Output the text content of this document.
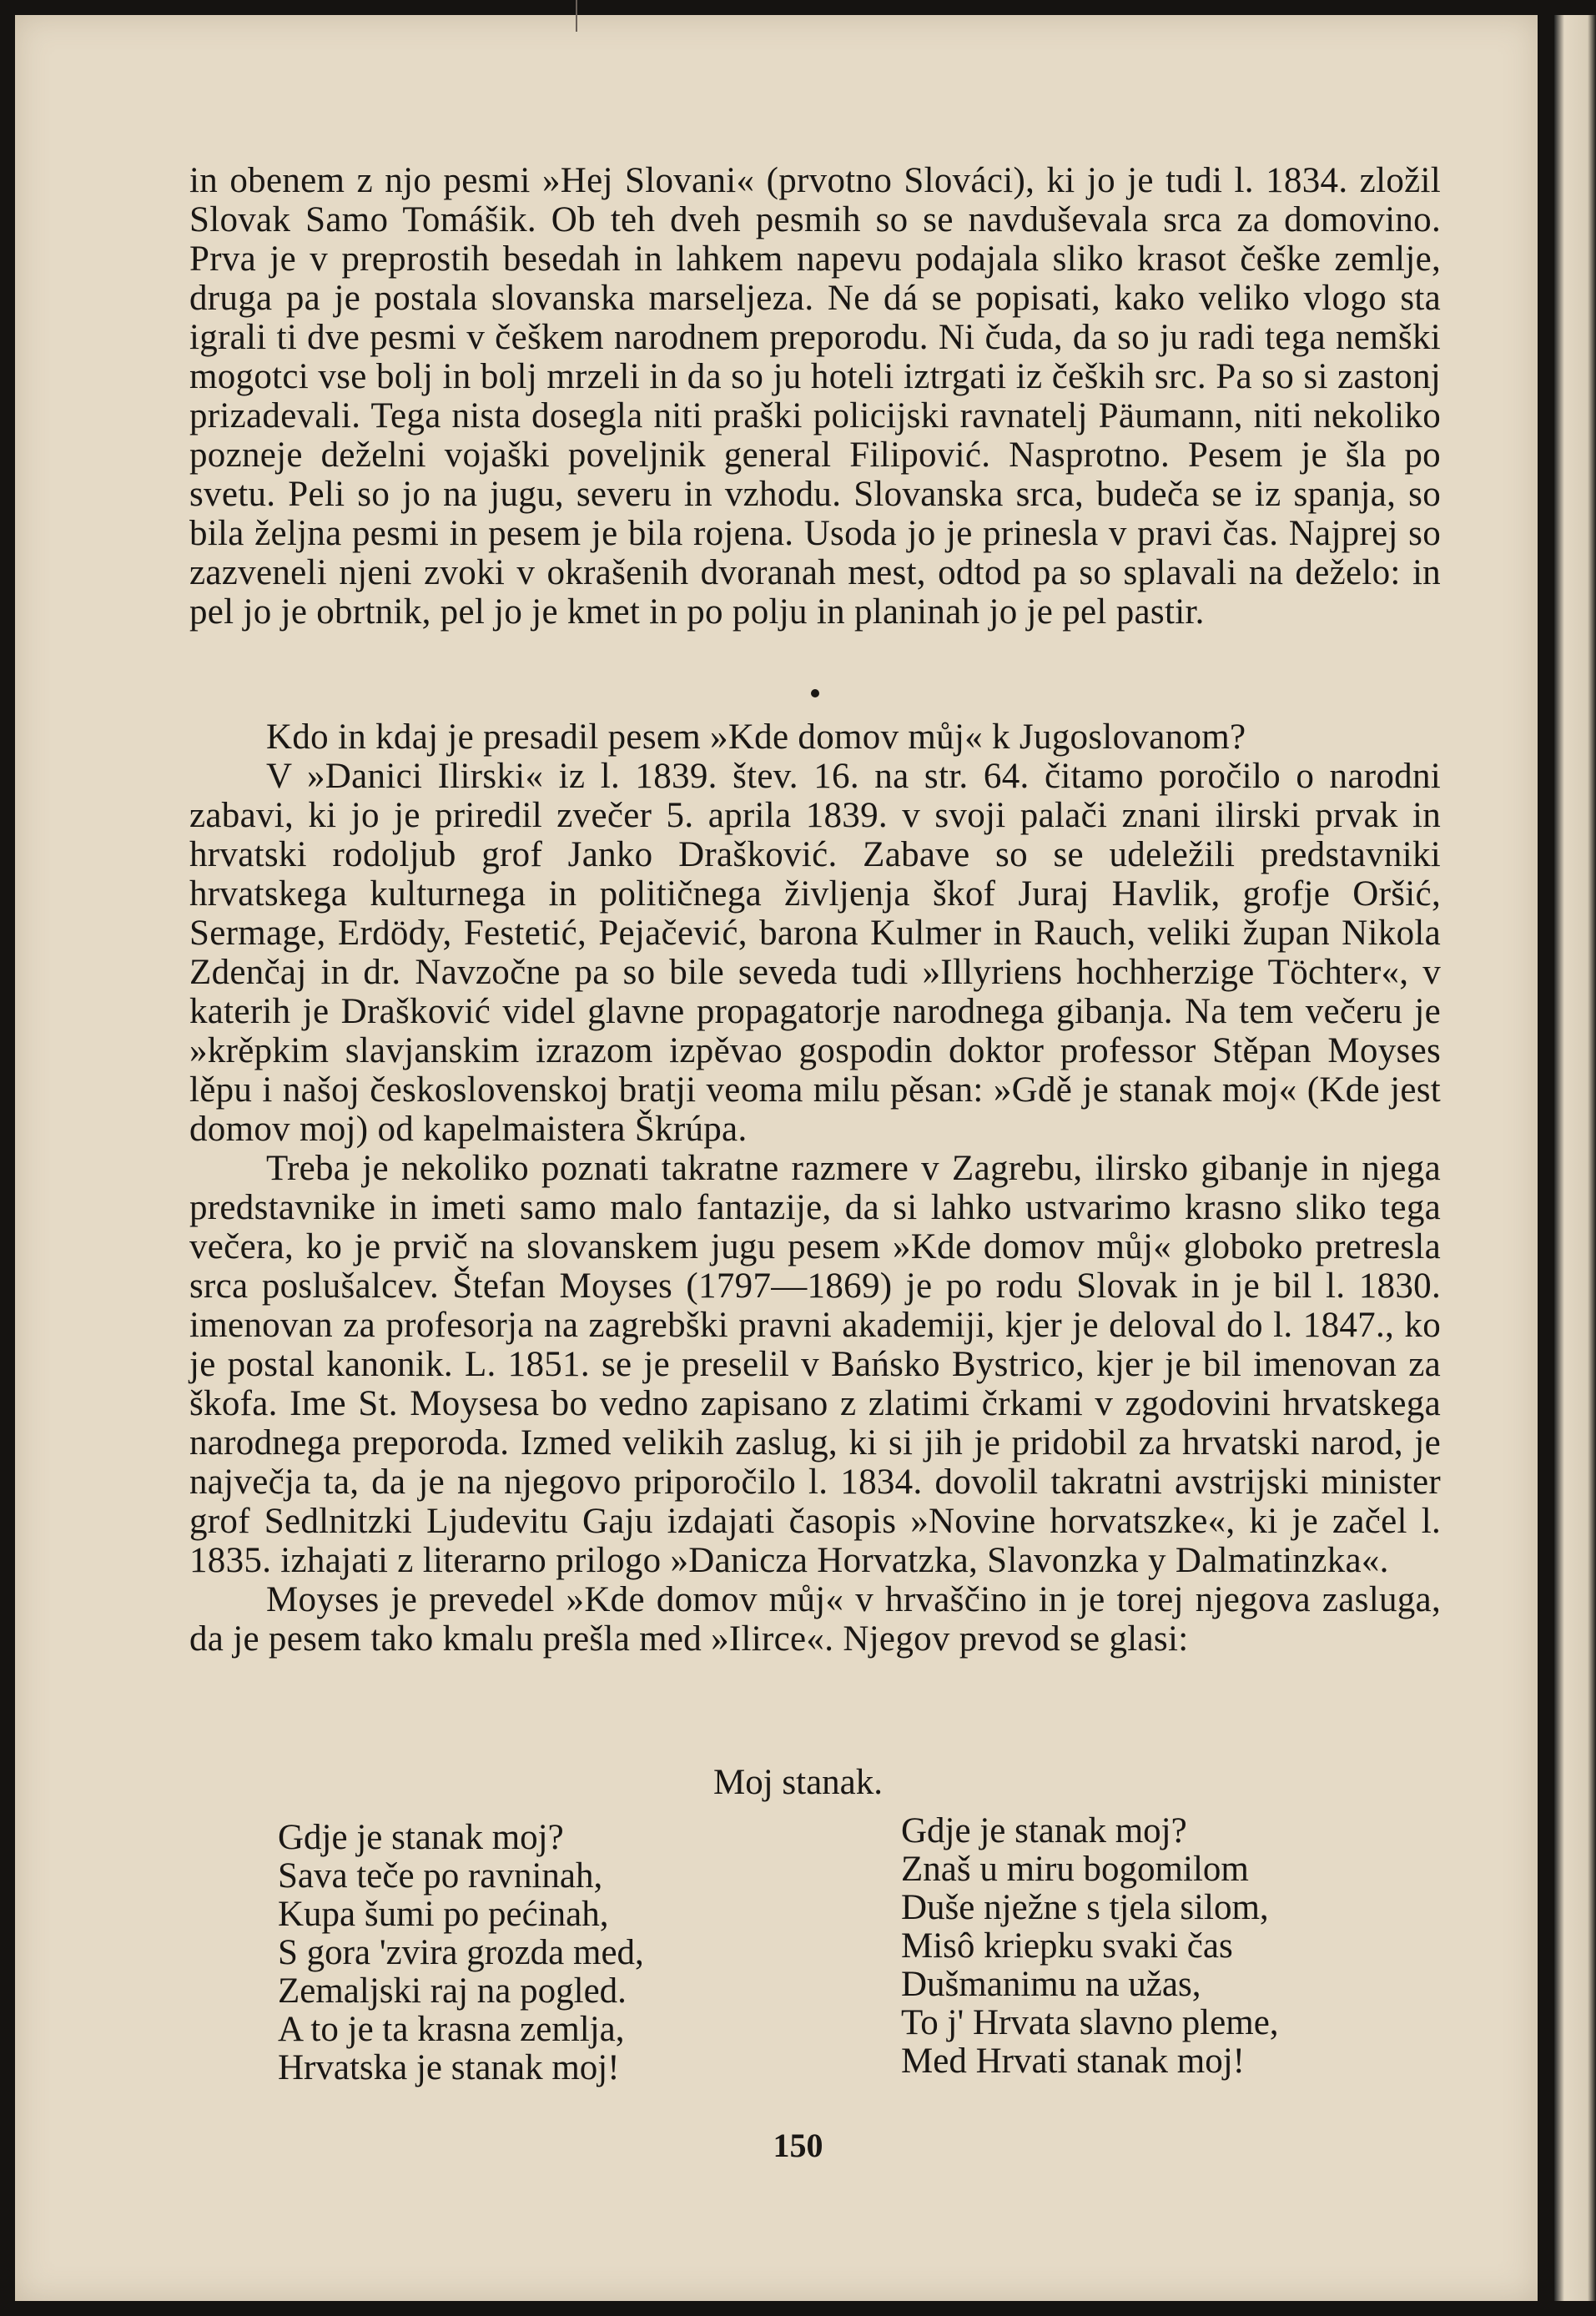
in obenem z njo pesmi »Hej Slovani« (prvotno Slováci), ki jo je tudi l. 1834. zložil Slovak Samo Tomášik. Ob teh dveh pesmih so se navduševala srca za domovino. Prva je v preprostih besedah in lahkem napevu podajala sliko krasot češke zemlje, druga pa je postala slovanska marseljeza. Ne dá se popisati, kako veliko vlogo sta igrali ti dve pesmi v češkem narodnem preporodu. Ni čuda, da so ju radi tega nemški mogotci vse bolj in bolj mrzeli in da so ju hoteli iztrgati iz čeških src. Pa so si zastonj prizadevali. Tega nista dosegla niti praški policijski ravnatelj Päumann, niti nekoliko pozneje deželni vojaški poveljnik general Filipović. Nasprotno. Pesem je šla po svetu. Peli so jo na jugu, severu in vzhodu. Slovanska srca, budeča se iz spanja, so bila željna pesmi in pesem je bila rojena. Usoda jo je prinesla v pravi čas. Najprej so zazveneli njeni zvoki v okrašenih dvoranah mest, odtod pa so splavali na deželo: in pel jo je obrtnik, pel jo je kmet in po polju in planinah jo je pel pastir.

Kdo in kdaj je presadil pesem »Kde domov můj« k Jugoslovanom?

V »Danici Ilirski« iz l. 1839. štev. 16. na str. 64. čitamo poročilo o narodni zabavi, ki jo je priredil zvečer 5. aprila 1839. v svoji palači znani ilirski prvak in hrvatski rodoljub grof Janko Drašković. Zabave so se udeležili predstavniki hrvatskega kulturnega in političnega življenja škof Juraj Havlik, grofje Oršić, Sermage, Erdödy, Festetić, Pejačević, barona Kulmer in Rauch, veliki župan Nikola Zdenčaj in dr. Navzočne pa so bile seveda tudi »Illyriens hochherzige Töchter«, v katerih je Drašković videl glavne propagatorje narodnega gibanja. Na tem večeru je »krěpkim slavjanskim izrazom izpěvao gospodin doktor professor Stěpan Moyses lěpu i našoj československoj bratji veoma milu pěsan: »Gdě je stanak moj« (Kde jest domov moj) od kapelmaistera Škrúpa.

Treba je nekoliko poznati takratne razmere v Zagrebu, ilirsko gibanje in njega predstavnike in imeti samo malo fantazije, da si lahko ustvarimo krasno sliko tega večera, ko je prvič na slovanskem jugu pesem »Kde domov můj« globoko pretresla srca poslušalcev. Štefan Moyses (1797—1869) je po rodu Slovak in je bil l. 1830. imenovan za profesorja na zagrebški pravni akademiji, kjer je deloval do l. 1847., ko je postal kanonik. L. 1851. se je preselil v Bańsko Bystrico, kjer je bil imenovan za škofa. Ime St. Moysesa bo vedno zapisano z zlatimi črkami v zgodovini hrvatskega narodnega preporoda. Izmed velikih zaslug, ki si jih je pridobil za hrvatski narod, je največja ta, da je na njegovo priporočilo l. 1834. dovolil takratni avstrijski minister grof Sedlnitzki Ljudevitu Gaju izdajati časopis »Novine horvatszke«, ki je začel l. 1835. izhajati z literarno prilogo »Danicza Horvatzka, Slavonzka y Dalmatinzka«.

Moyses je prevedel »Kde domov můj« v hrvaščino in je torej njegova zasluga, da je pesem tako kmalu prešla med »Ilirce«. Njegov prevod se glasi:

Moj stanak.
Gdje je stanak moj?
Sava teče po ravninah,
Kupa šumi po pećinah,
S gora 'zvira grozda med,
Zemaljski raj na pogled.
A to je ta krasna zemlja,
Hrvatska je stanak moj!
Gdje je stanak moj?
Znaš u miru bogomilom
Duše nježne s tjela silom,
Misô kriepku svaki čas
Dušmanimu na užas,
To j' Hrvata slavno pleme,
Med Hrvati stanak moj!
150
